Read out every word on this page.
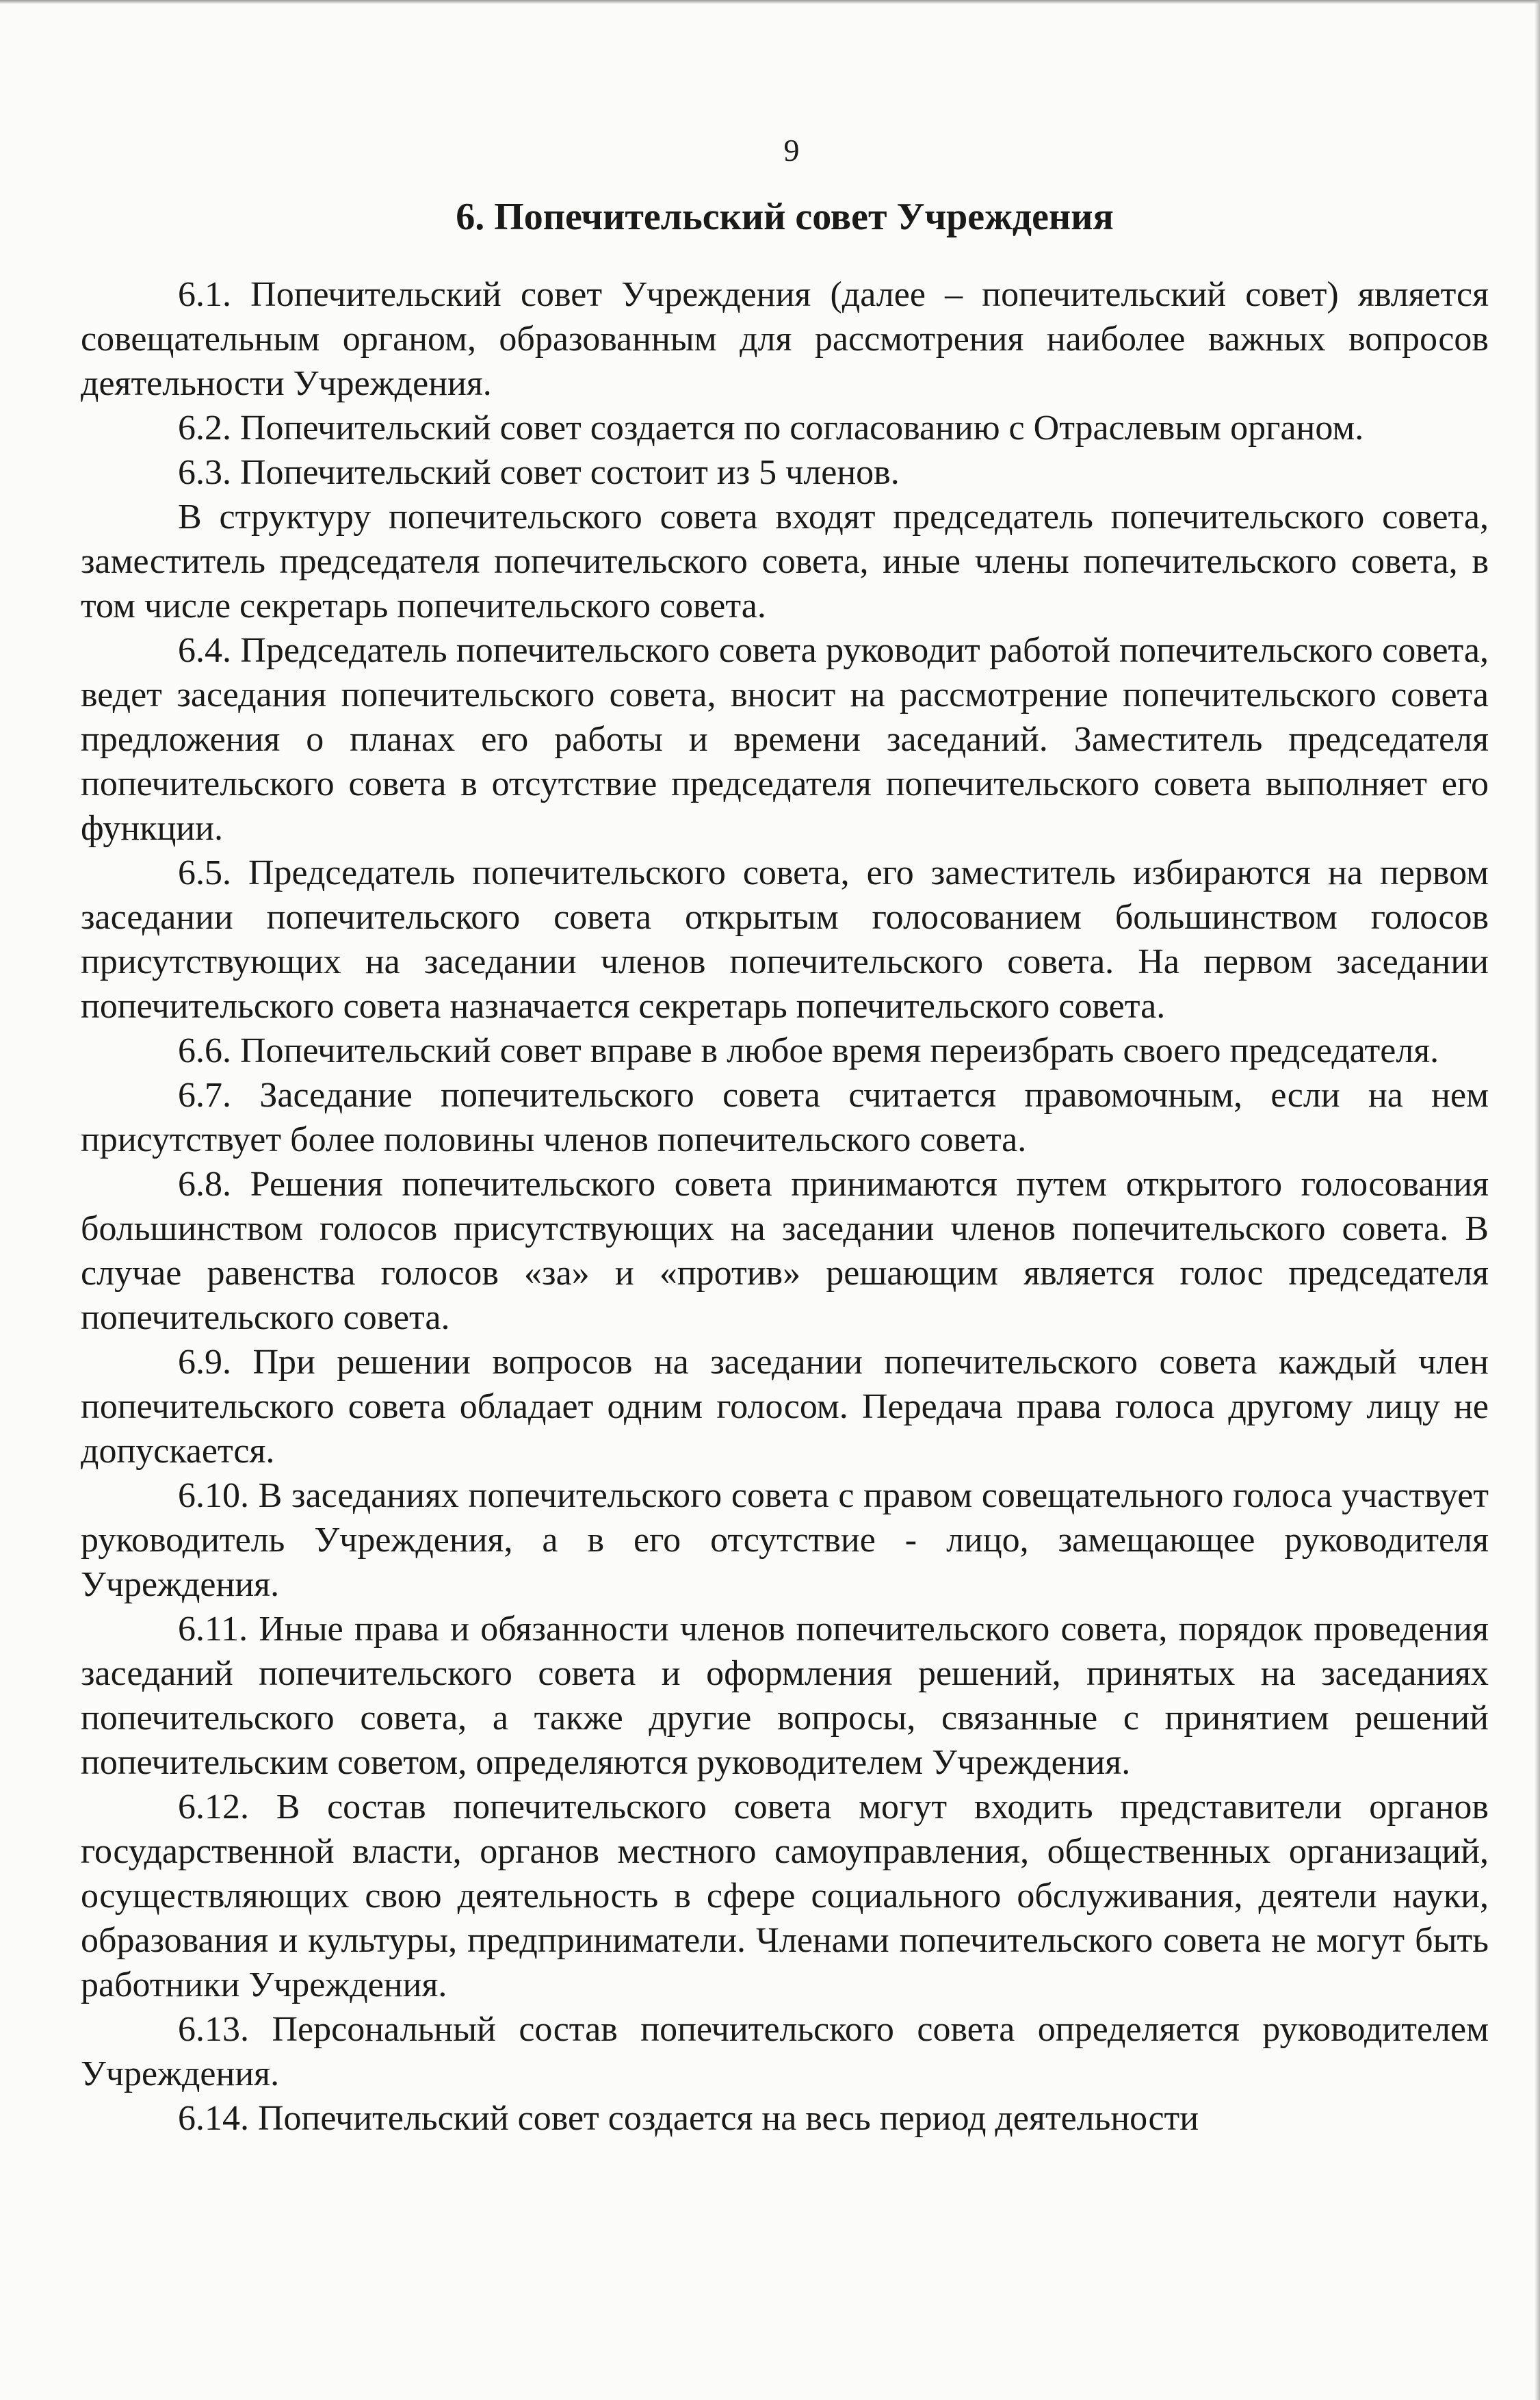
9
6. Попечительский совет Учреждения

6.1. Попечительский совет Учреждения (далее – попечительский совет) является совещательным органом, образованным для рассмотрения наиболее важных вопросов деятельности Учреждения.

6.2. Попечительский совет создается по согласованию с Отраслевым органом.

6.3. Попечительский совет состоит из 5 членов.

В структуру попечительского совета входят председатель попечительского совета, заместитель председателя попечительского совета, иные члены попечительского совета, в том числе секретарь попечительского совета.

6.4. Председатель попечительского совета руководит работой попечительского совета, ведет заседания попечительского совета, вносит на рассмотрение попечительского совета предложения о планах его работы и времени заседаний. Заместитель председателя попечительского совета в отсутствие председателя попечительского совета выполняет его функции.

6.5. Председатель попечительского совета, его заместитель избираются на первом заседании попечительского совета открытым голосованием большинством голосов присутствующих на заседании членов попечительского совета. На первом заседании попечительского совета назначается секретарь попечительского совета.

6.6. Попечительский совет вправе в любое время переизбрать своего председателя.

6.7. Заседание попечительского совета считается правомочным, если на нем присутствует более половины членов попечительского совета.

6.8. Решения попечительского совета принимаются путем открытого голосования большинством голосов присутствующих на заседании членов попечительского совета. В случае равенства голосов «за» и «против» решающим является голос председателя попечительского совета.

6.9. При решении вопросов на заседании попечительского совета каждый член попечительского совета обладает одним голосом. Передача права голоса другому лицу не допускается.

6.10. В заседаниях попечительского совета с правом совещательного голоса участвует руководитель Учреждения, а в его отсутствие - лицо, замещающее руководителя Учреждения.

6.11. Иные права и обязанности членов попечительского совета, порядок проведения заседаний попечительского совета и оформления решений, принятых на заседаниях попечительского совета, а также другие вопросы, связанные с принятием решений попечительским советом, определяются руководителем Учреждения.

6.12. В состав попечительского совета могут входить представители органов государственной власти, органов местного самоуправления, общественных организаций, осуществляющих свою деятельность в сфере социального обслуживания, деятели науки, образования и культуры, предприниматели. Членами попечительского совета не могут быть работники Учреждения.

6.13. Персональный состав попечительского совета определяется руководителем Учреждения.

6.14. Попечительский совет создается на весь период деятельности
